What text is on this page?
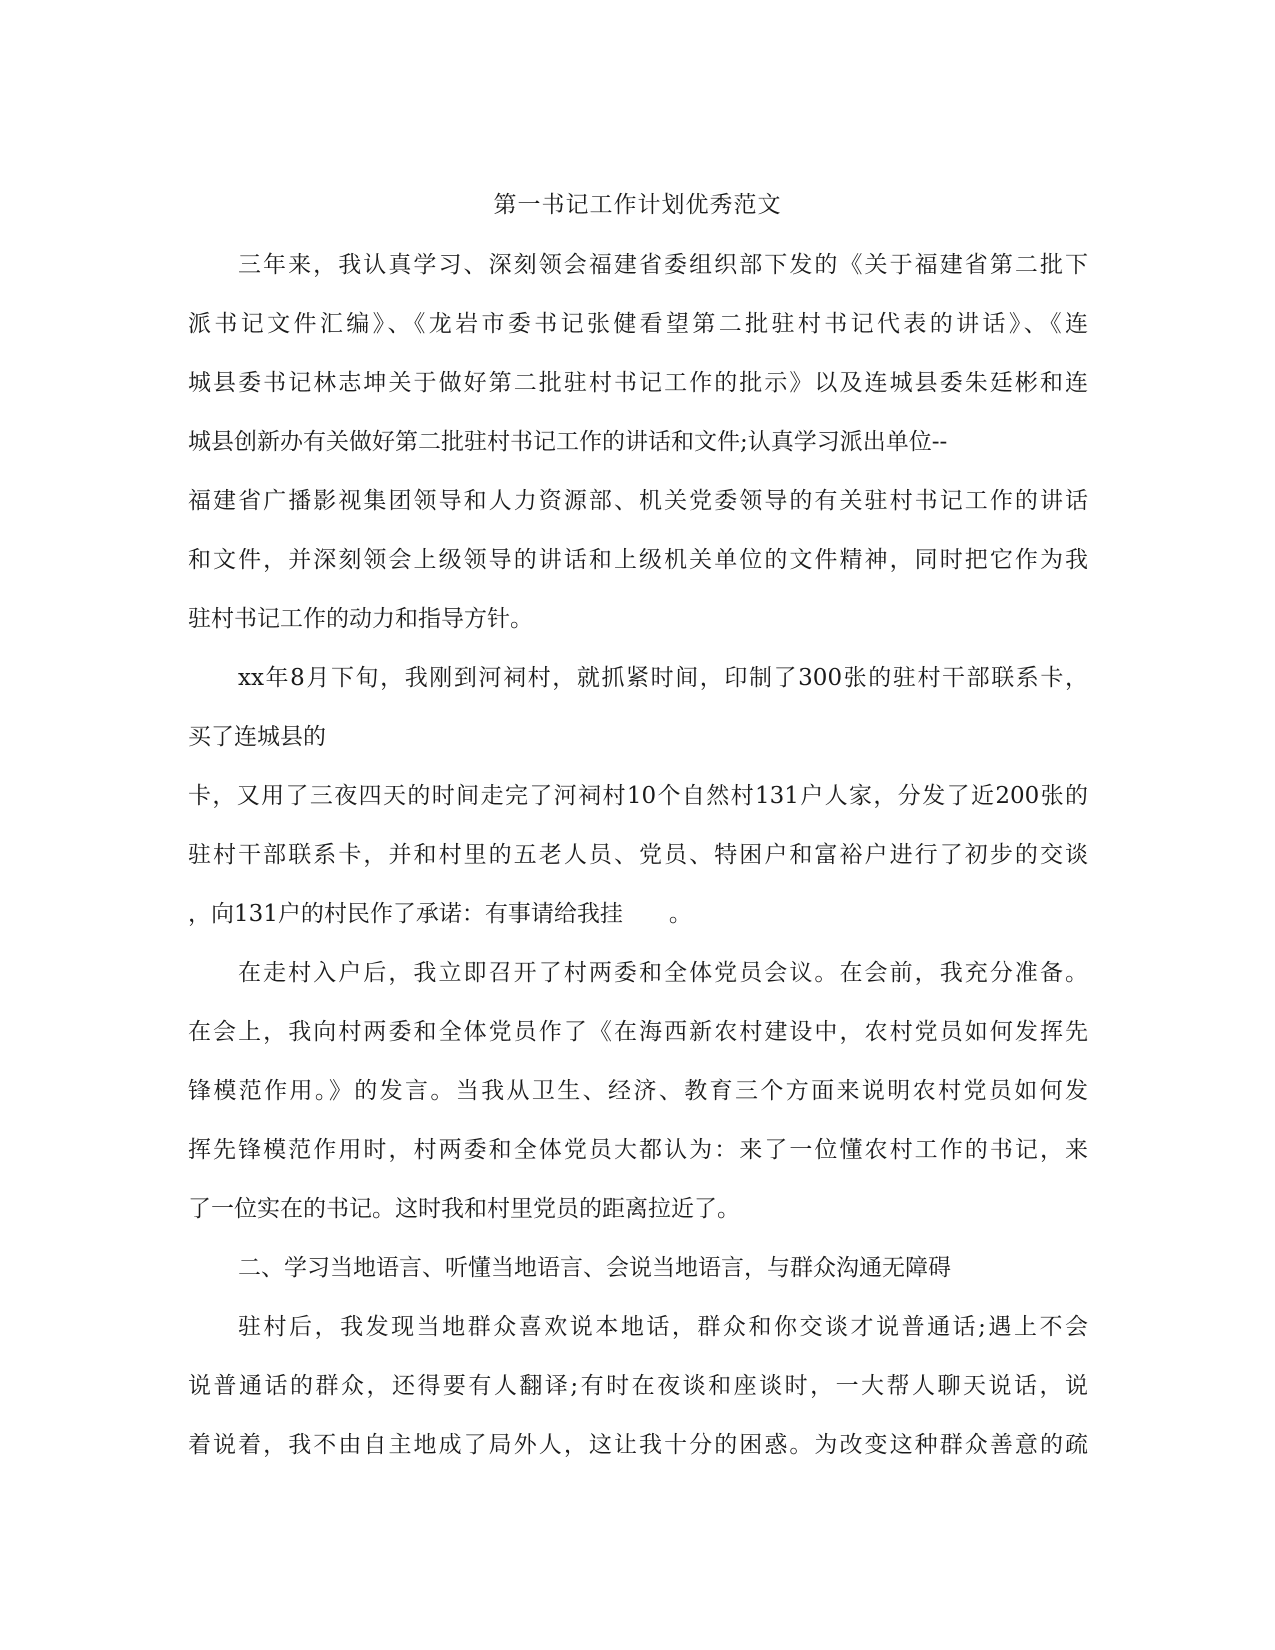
第一书记工作计划优秀范文
三年来，我认真学习、深刻领会福建省委组织部下发的《关于福建省第二批下
派书记文件汇编》、《龙岩市委书记张健看望第二批驻村书记代表的讲话》、《连
城县委书记林志坤关于做好第二批驻村书记工作的批示》以及连城县委朱廷彬和连
城县创新办有关做好第二批驻村书记工作的讲话和文件;认真学习派出单位--
福建省广播影视集团领导和人力资源部、机关党委领导的有关驻村书记工作的讲话
和文件，并深刻领会上级领导的讲话和上级机关单位的文件精神，同时把它作为我
驻村书记工作的动力和指导方针。
xx年8月下旬，我刚到河祠村，就抓紧时间，印制了300张的驻村干部联系卡，
买了连城县的
卡，又用了三夜四天的时间走完了河祠村10个自然村131户人家，分发了近200张的
驻村干部联系卡，并和村里的五老人员、党员、特困户和富裕户进行了初步的交谈
，向131户的村民作了承诺：有事请给我挂　　。
在走村入户后，我立即召开了村两委和全体党员会议。在会前，我充分准备。
在会上，我向村两委和全体党员作了《在海西新农村建设中，农村党员如何发挥先
锋模范作用。》的发言。当我从卫生、经济、教育三个方面来说明农村党员如何发
挥先锋模范作用时，村两委和全体党员大都认为：来了一位懂农村工作的书记，来
了一位实在的书记。这时我和村里党员的距离拉近了。
二、学习当地语言、听懂当地语言、会说当地语言，与群众沟通无障碍
驻村后，我发现当地群众喜欢说本地话，群众和你交谈才说普通话;遇上不会
说普通话的群众，还得要有人翻译;有时在夜谈和座谈时，一大帮人聊天说话，说
着说着，我不由自主地成了局外人，这让我十分的困惑。为改变这种群众善意的疏
